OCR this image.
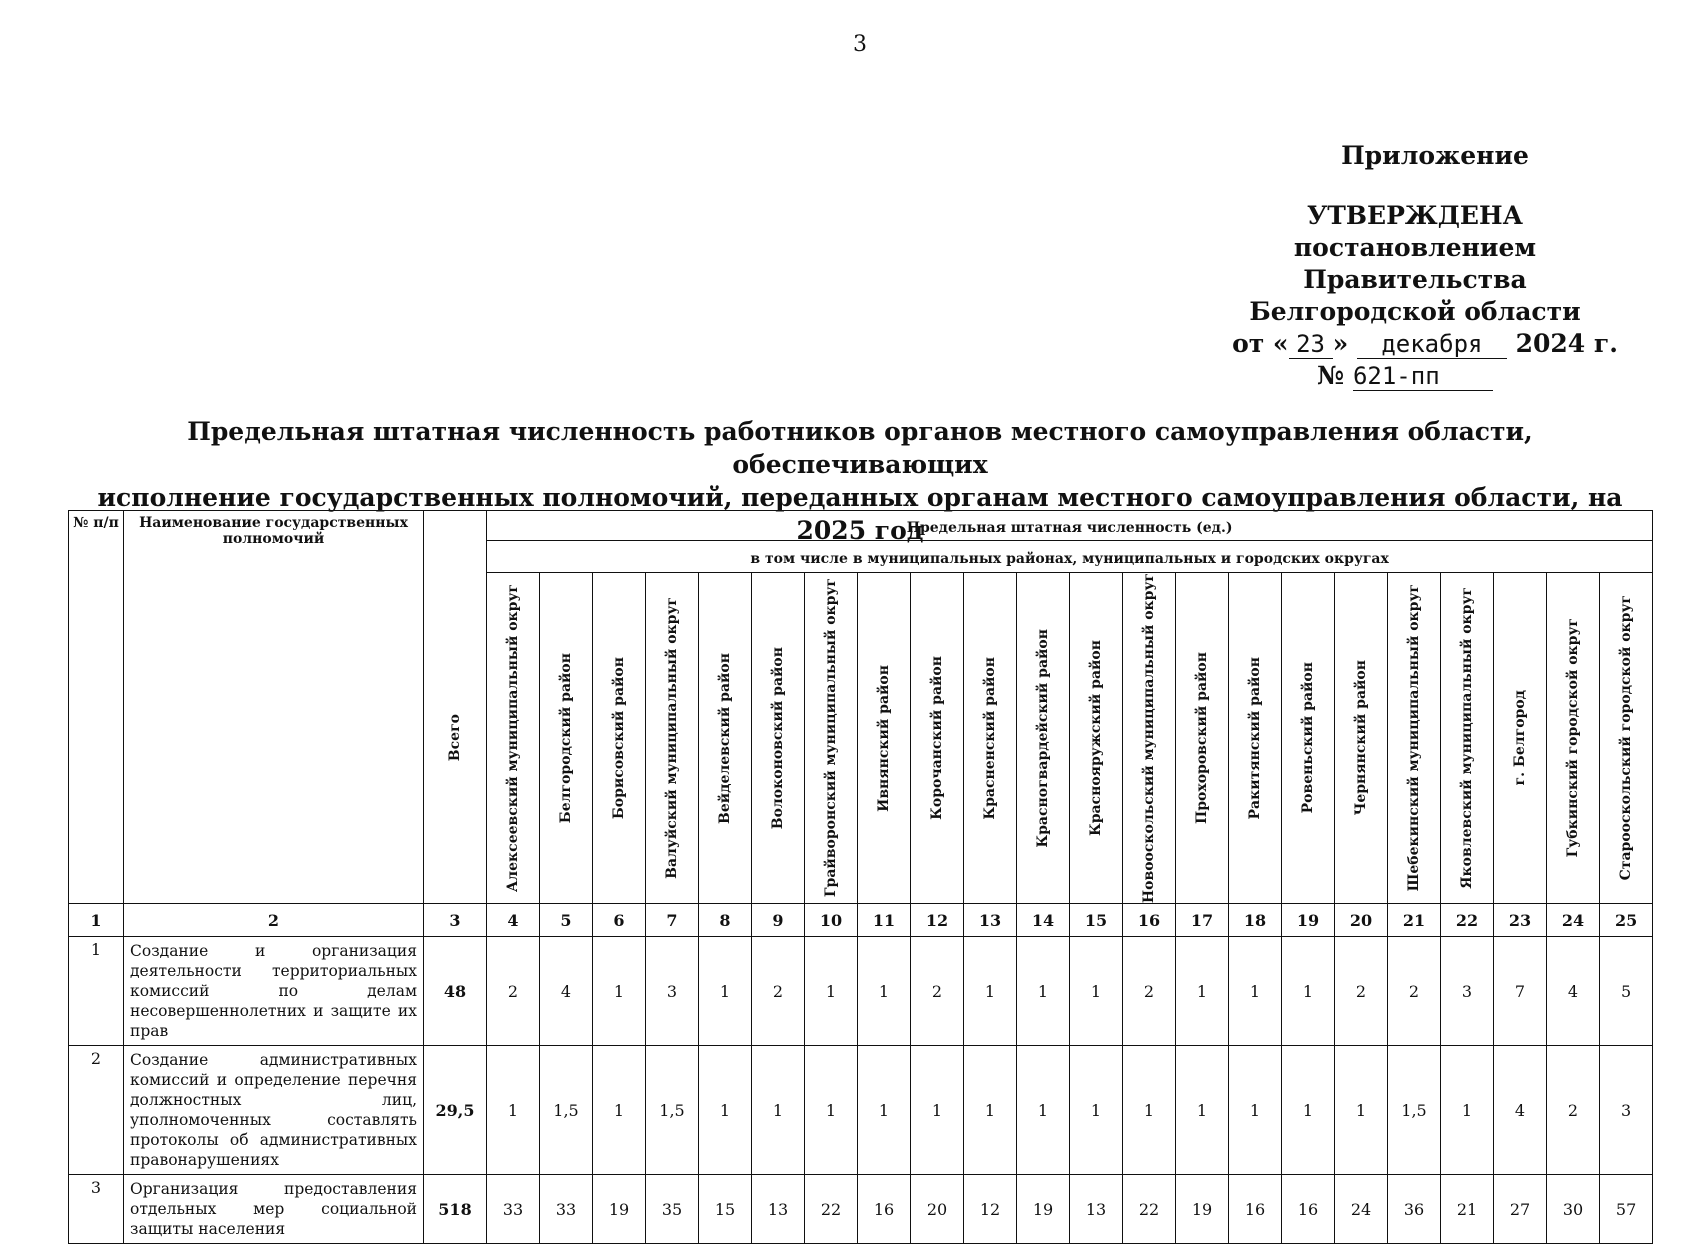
3
Приложение
УТВЕРЖДЕНА
постановлением Правительства
Белгородской области
от « 23 » декабря 2024 г.
№ 621-пп
Предельная штатная численность работников органов местного самоуправления области, обеспечивающих
исполнение государственных полномочий, переданных органам местного самоуправления области, на 2025 год
№ п/п	Наименование государственных полномочий		Предельная штатная численность (ед.)																					
			в том числе в муниципальных районах, муниципальных и городских округах																					

		Всего	Алексеевский муниципальный округ	Белгородский район	Борисовский район	Валуйский муниципальный округ	Вейделевский район	Волоконовский район	Грайворонский муниципальный округ	Ивнянский район	Корочанский район	Красненский район	Красногвардейский район	Краснояружский район	Новооскольский муниципальный округ	Прохоровский район	Ракитянский район	Ровеньский район	Чернянский район	Шебекинский муниципальный округ	Яковлевский муниципальный округ	г. Белгород	Губкинский городской округ	Старооскольский городской округ

1	2	3	4	5	6	7	8	9	10	11	12	13	14	15	16	17	18	19	20	21	22	23	24	25
1	Создание и организация деятельности территориальных комиссий по делам несовершеннолетних и защите их прав	48	2	4	1	3	1	2	1	1	2	1	1	1	2	1	1	1	2	2	3	7	4	5
2	Создание административных комиссий и определение перечня должностных лиц, уполномоченных составлять протоколы об административных правонарушениях	29,5	1	1,5	1	1,5	1	1	1	1	1	1	1	1	1	1	1	1	1	1,5	1	4	2	3
3	Организация предоставления отдельных мер социальной защиты населения	518	33	33	19	35	15	13	22	16	20	12	19	13	22	19	16	16	24	36	21	27	30	57
